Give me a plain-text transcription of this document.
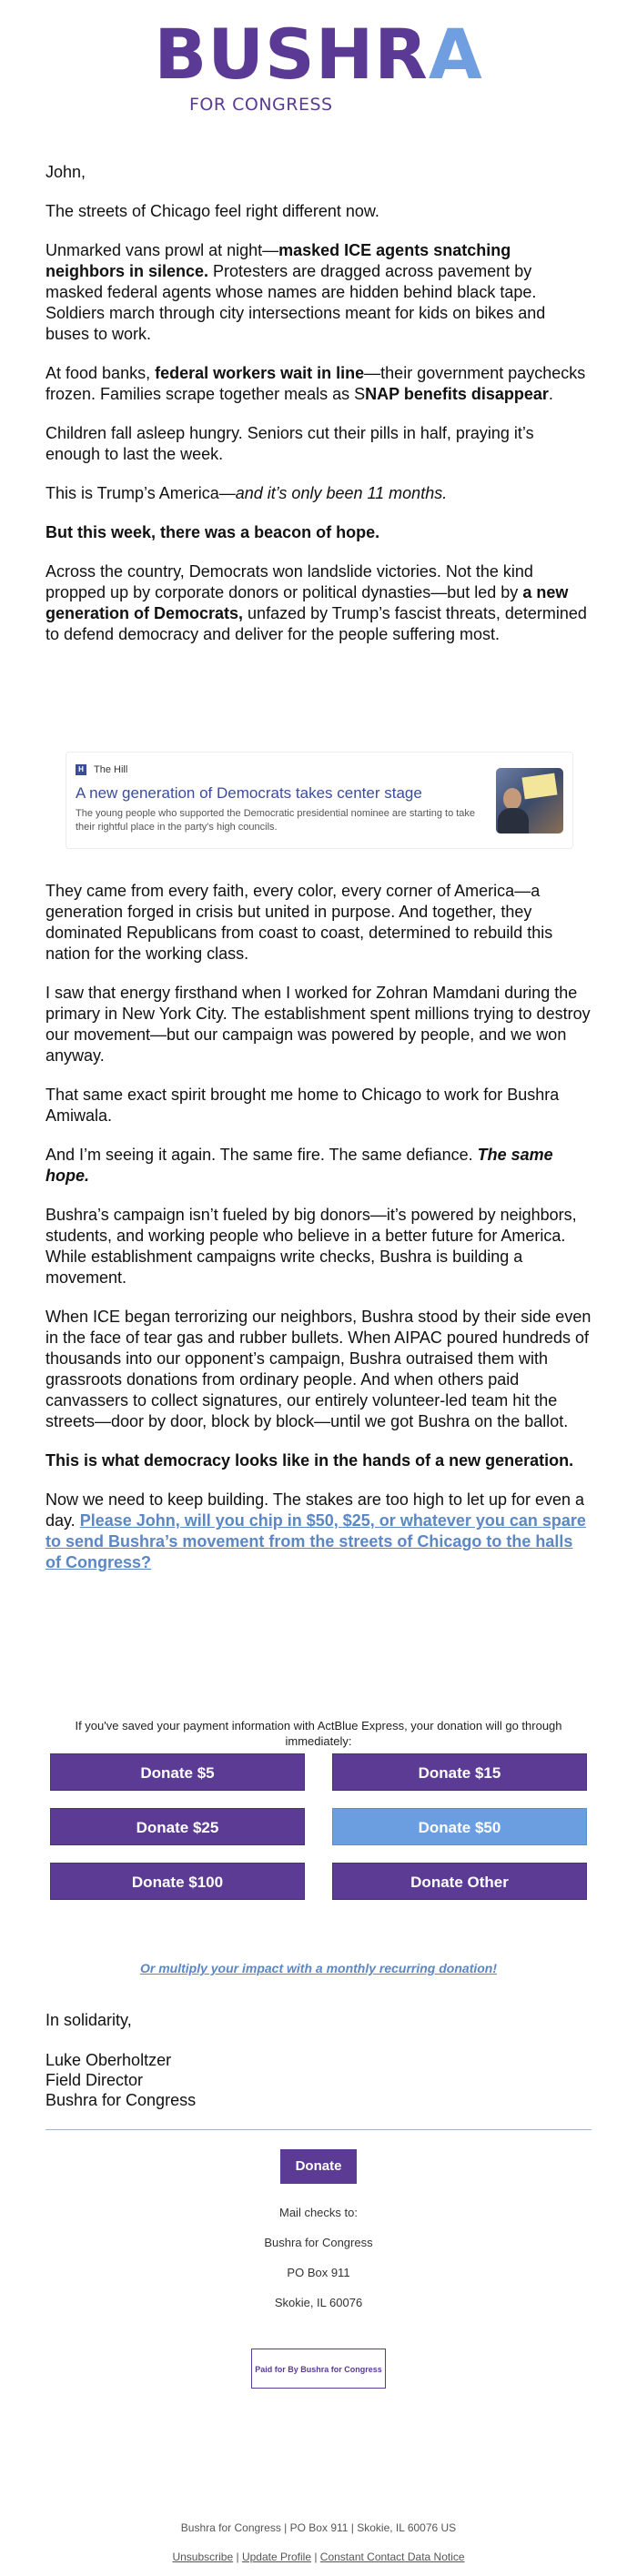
BUSHRA
FOR CONGRESS

John,

The streets of Chicago feel right different now.

Unmarked vans prowl at night—masked ICE agents snatching neighbors in silence. Protesters are dragged across pavement by masked federal agents whose names are hidden behind black tape. Soldiers march through city intersections meant for kids on bikes and buses to work.

At food banks, federal workers wait in line—their government paychecks frozen. Families scrape together meals as SNAP benefits disappear.

Children fall asleep hungry. Seniors cut their pills in half, praying it’s enough to last the week.

This is Trump’s America—and it’s only been 11 months.

But this week, there was a beacon of hope.

Across the country, Democrats won landslide victories. Not the kind propped up by corporate donors or political dynasties—but led by a new generation of Democrats, unfazed by Trump’s fascist threats, determined to defend democracy and deliver for the people suffering most.

H The Hill
A new generation of Democrats takes center stage
The young people who supported the Democratic presidential nominee are starting to take their rightful place in the party's high councils.

They came from every faith, every color, every corner of America—a generation forged in crisis but united in purpose. And together, they dominated Republicans from coast to coast, determined to rebuild this nation for the working class.

I saw that energy firsthand when I worked for Zohran Mamdani during the primary in New York City. The establishment spent millions trying to destroy our movement—but our campaign was powered by people, and we won anyway.

That same exact spirit brought me home to Chicago to work for Bushra Amiwala.

And I’m seeing it again. The same fire. The same defiance. The same hope.

Bushra’s campaign isn’t fueled by big donors—it’s powered by neighbors, students, and working people who believe in a better future for America. While establishment campaigns write checks, Bushra is building a movement.

When ICE began terrorizing our neighbors, Bushra stood by their side even in the face of tear gas and rubber bullets. When AIPAC poured hundreds of thousands into our opponent’s campaign, Bushra outraised them with grassroots donations from ordinary people. And when others paid canvassers to collect signatures, our entirely volunteer-led team hit the streets—door by door, block by block—until we got Bushra on the ballot.

This is what democracy looks like in the hands of a new generation.

Now we need to keep building. The stakes are too high to let up for even a day. Please John, will you chip in $50, $25, or whatever you can spare to send Bushra’s movement from the streets of Chicago to the halls of Congress?

If you've saved your payment information with ActBlue Express, your donation will go through immediately:
Donate $5	Donate $15
Donate $25	Donate $50
Donate $100	Donate Other
Or multiply your impact with a monthly recurring donation!
In solidarity,
Luke Oberholtzer
Field Director
Bushra for Congress
Donate
Mail checks to:
Bushra for Congress
PO Box 911
Skokie, IL 60076
Paid for By Bushra for Congress
Bushra for Congress | PO Box 911 | Skokie, IL 60076 US
Unsubscribe | Update Profile | Constant Contact Data Notice
